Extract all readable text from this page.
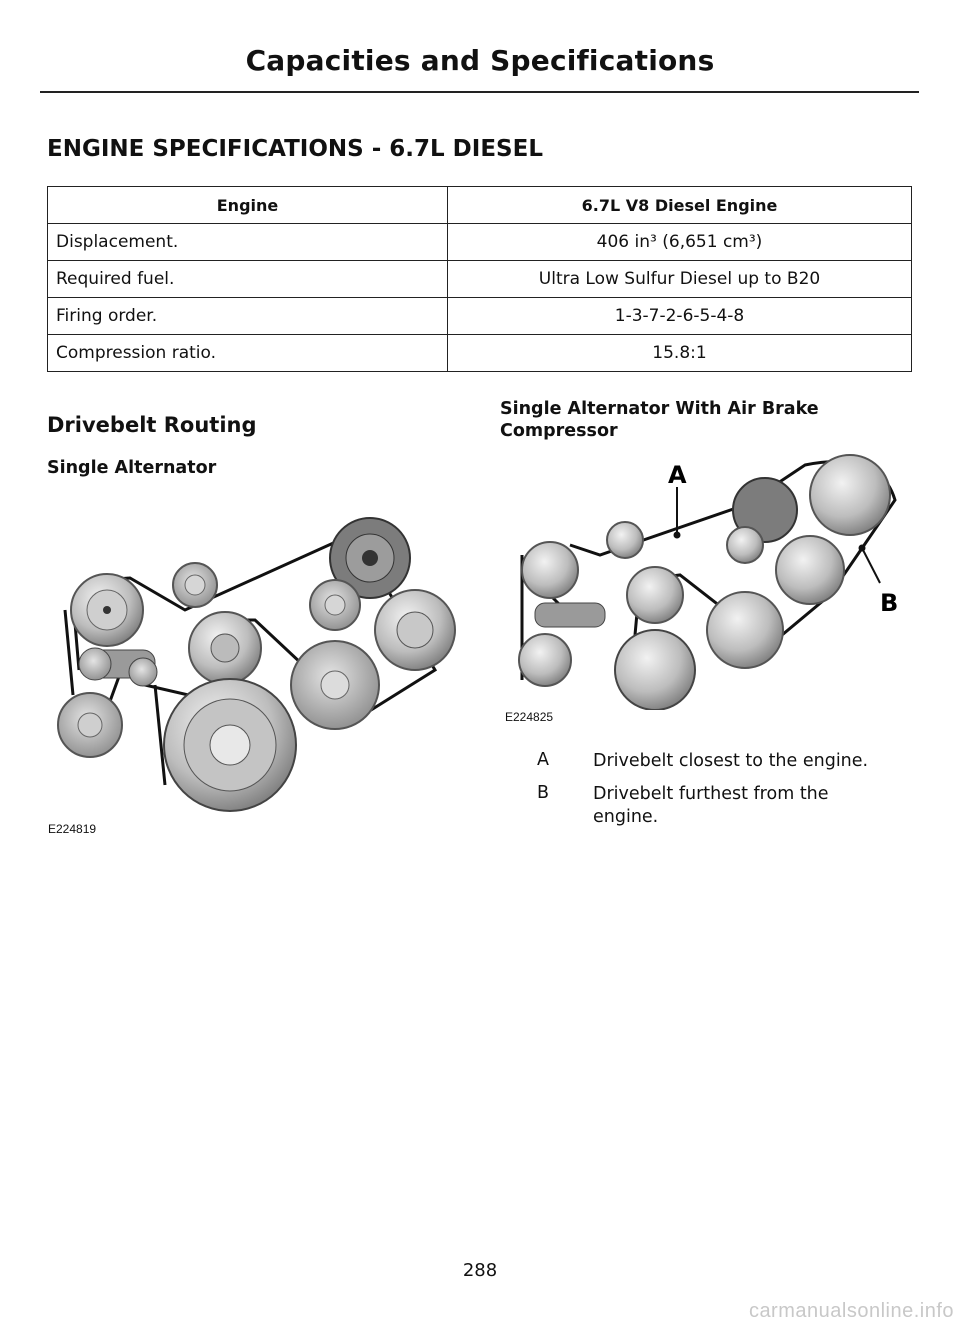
Capacities and Specifications
ENGINE SPECIFICATIONS - 6.7L DIESEL
Engine	6.7L V8 Diesel Engine
Displacement.	406 in³ (6,651 cm³)
Required fuel.	Ultra Low Sulfur Diesel up to B20
Firing order.	1-3-7-2-6-5-4-8
Compression ratio.	15.8:1
Drivebelt Routing
Single Alternator
Single Alternator With Air Brake Compressor
E224819
A
B
E224825
A	Drivebelt closest to the engine.
B	Drivebelt furthest from the engine.
288
carmanualsonline.info
